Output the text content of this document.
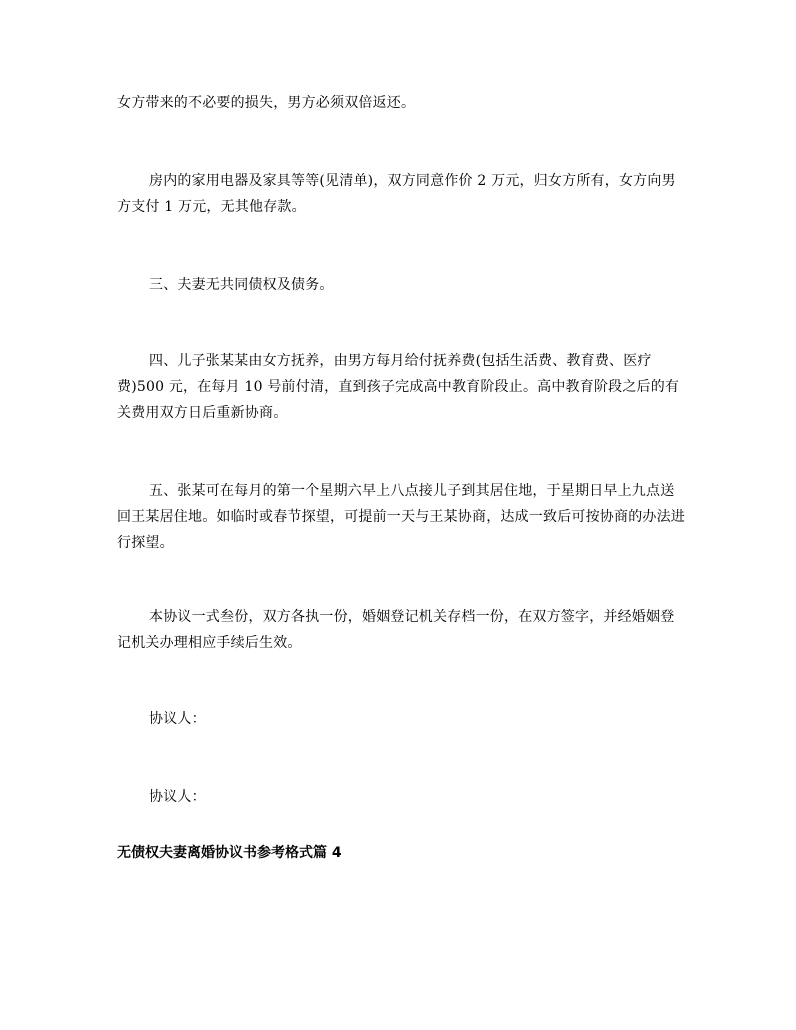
女方带来的不必要的损失，男方必须双倍返还。

房内的家用电器及家具等等(见清单)，双方同意作价 2 万元，归女方所有，女方向男方支付 1 万元，无其他存款。

三、夫妻无共同债权及债务。

四、儿子张某某由女方抚养，由男方每月给付抚养费(包括生活费、教育费、医疗费)500 元，在每月 10 号前付清，直到孩子完成高中教育阶段止。高中教育阶段之后的有关费用双方日后重新协商。

五、张某可在每月的第一个星期六早上八点接儿子到其居住地，于星期日早上九点送回王某居住地。如临时或春节探望，可提前一天与王某协商，达成一致后可按协商的办法进行探望。

本协议一式叁份，双方各执一份，婚姻登记机关存档一份，在双方签字，并经婚姻登记机关办理相应手续后生效。

协议人：

协议人：

无债权夫妻离婚协议书参考格式篇 4
